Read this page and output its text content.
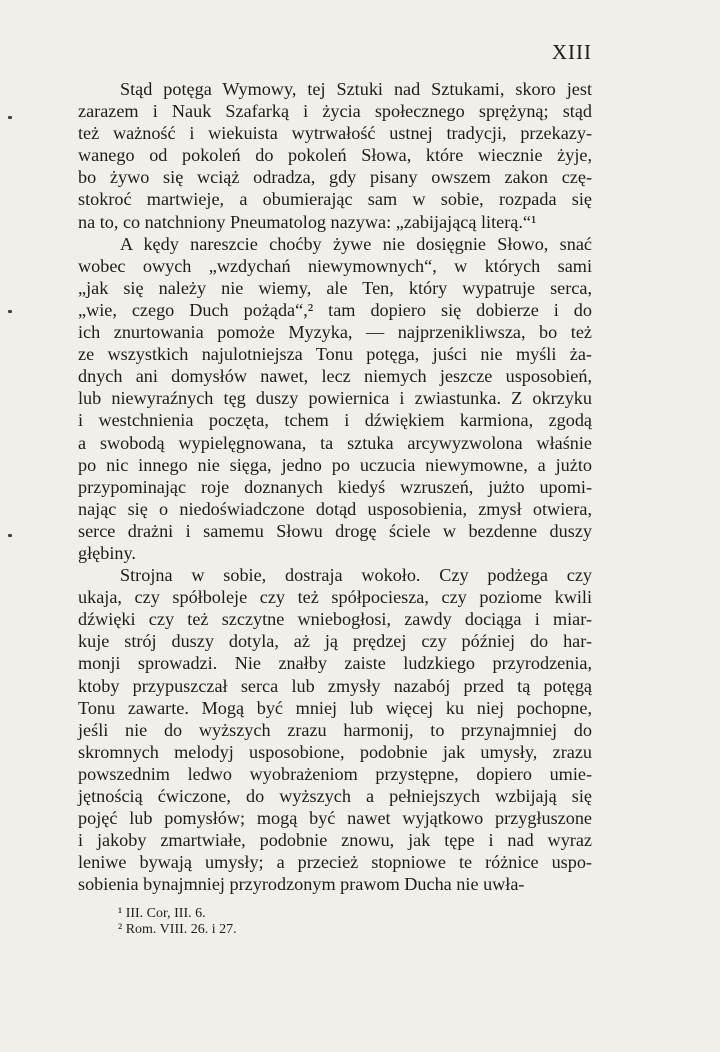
XIII
Stąd potęga Wymowy, tej Sztuki nad Sztukami, skoro jest
zarazem i Nauk Szafarką i życia społecznego sprężyną; stąd
też ważność i wiekuista wytrwałość ustnej tradycji, przekazy-
wanego od pokoleń do pokoleń Słowa, które wiecznie żyje,
bo żywo się wciąż odradza, gdy pisany owszem zakon czę-
stokroć martwieje, a obumierając sam w sobie, rozpada się
na to, co natchniony Pneumatolog nazywa: „zabijającą literą.“¹
A kędy nareszcie choćby żywe nie dosięgnie Słowo, snać
wobec owych „wzdychań niewymownych“, w których sami
„jak się należy nie wiemy, ale Ten, który wypatruje serca,
„wie, czego Duch pożąda“,² tam dopiero się dobierze i do
ich znurtowania pomoże Myzyka, — najprzenikliwsza, bo też
ze wszystkich najulotniejsza Tonu potęga, juści nie myśli ża-
dnych ani domysłów nawet, lecz niemych jeszcze usposobień,
lub niewyraźnych tęg duszy powiernica i zwiastunka. Z okrzyku
i westchnienia poczęta, tchem i dźwiękiem karmiona, zgodą
a swobodą wypielęgnowana, ta sztuka arcywyzwolona właśnie
po nic innego nie sięga, jedno po uczucia niewymowne, a jużto
przypominając roje doznanych kiedyś wzruszeń, jużto upomi-
nając się o niedoświadczone dotąd usposobienia, zmysł otwiera,
serce drażni i samemu Słowu drogę ściele w bezdenne duszy
głębiny.
Strojna w sobie, dostraja wokoło. Czy podżega czy
ukaja, czy spółboleje czy też spółpociesza, czy poziome kwili
dźwięki czy też szczytne wniebogłosi, zawdy dociąga i miar-
kuje strój duszy dotyla, aż ją prędzej czy później do har-
monji sprowadzi. Nie znałby zaiste ludzkiego przyrodzenia,
ktoby przypuszczał serca lub zmysły nazabój przed tą potęgą
Tonu zawarte. Mogą być mniej lub więcej ku niej pochopne,
jeśli nie do wyższych zrazu harmonij, to przynajmniej do
skromnych melodyj usposobione, podobnie jak umysły, zrazu
powszednim ledwo wyobrażeniom przystępne, dopiero umie-
jętnością ćwiczone, do wyższych a pełniejszych wzbijają się
pojęć lub pomysłów; mogą być nawet wyjątkowo przygłuszone
i jakoby zmartwiałe, podobnie znowu, jak tępe i nad wyraz
leniwe bywają umysły; a przecież stopniowe te różnice uspo-
sobienia bynajmniej przyrodzonym prawom Ducha nie uwła-
¹ III. Cor, III. 6.
² Rom. VIII. 26. i 27.
